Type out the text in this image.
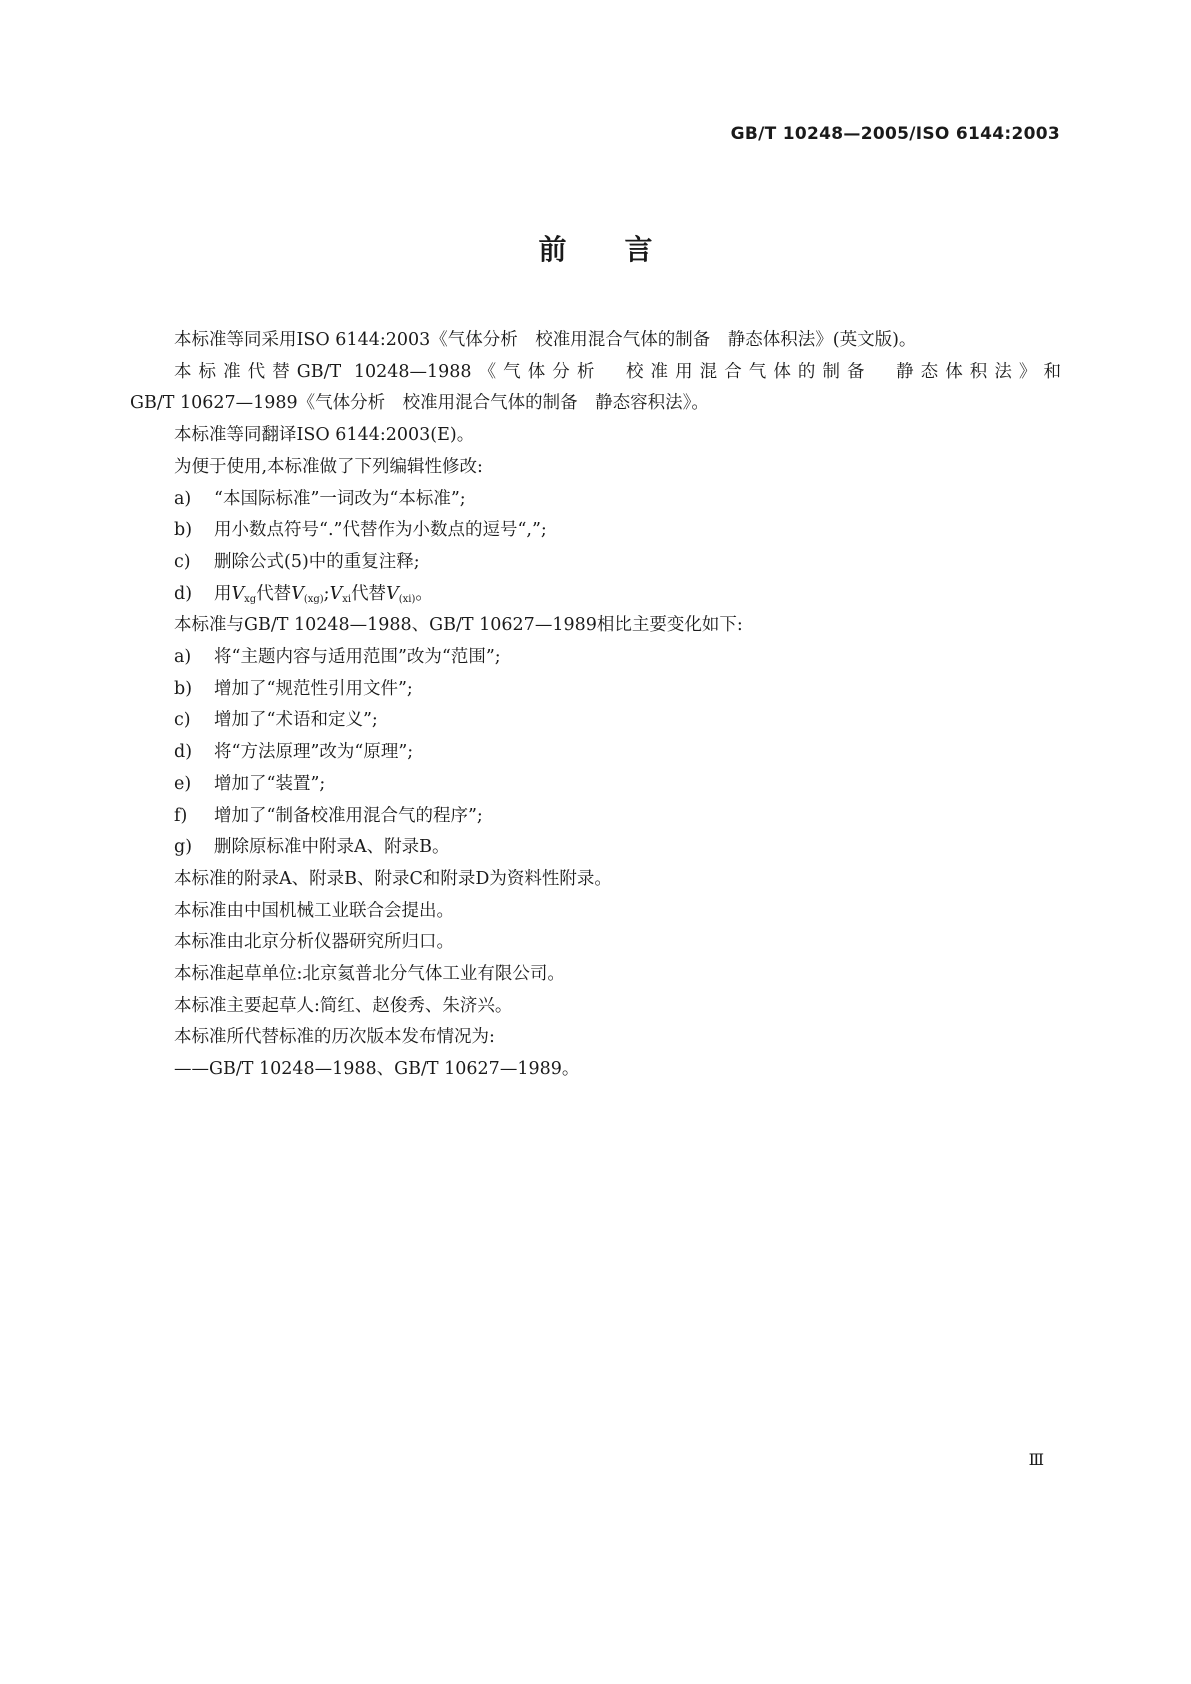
GB/T 10248—2005/ISO 6144:2003
前言

本标准等同采用ISO 6144:2003《气体分析　校准用混合气体的制备　静态体积法》(英文版)。

本标准代替GB/T 10248—1988《气体分析　校准用混合气体的制备　静态体积法》和

GB/T 10627—1989《气体分析　校准用混合气体的制备　静态容积法》。

本标准等同翻译ISO 6144:2003(E)。

为便于使用,本标准做了下列编辑性修改:

a) “本国际标准”一词改为“本标准”;
b) 用小数点符号“.”代替作为小数点的逗号“,”;
c) 删除公式(5)中的重复注释;
d) 用$V_{xg}$代替$V_{(xg)};V_{xi}$代替$V_{(xi)}$。

本标准与GB/T 10248—1988、GB/T 10627—1989相比主要变化如下:

a) 将“主题内容与适用范围”改为“范围”;
b) 增加了“规范性引用文件”;
c) 增加了“术语和定义”;
d) 将“方法原理”改为“原理”;
e) 增加了“装置”;
f) 增加了“制备校准用混合气的程序”;
g) 删除原标准中附录A、附录B。

本标准的附录A、附录B、附录C和附录D为资料性附录。

本标准由中国机械工业联合会提出。

本标准由北京分析仪器研究所归口。

本标准起草单位:北京氦普北分气体工业有限公司。

本标准主要起草人:简红、赵俊秀、朱济兴。

本标准所代替标准的历次版本发布情况为:

——GB/T 10248—1988、GB/T 10627—1989。

Ⅲ
